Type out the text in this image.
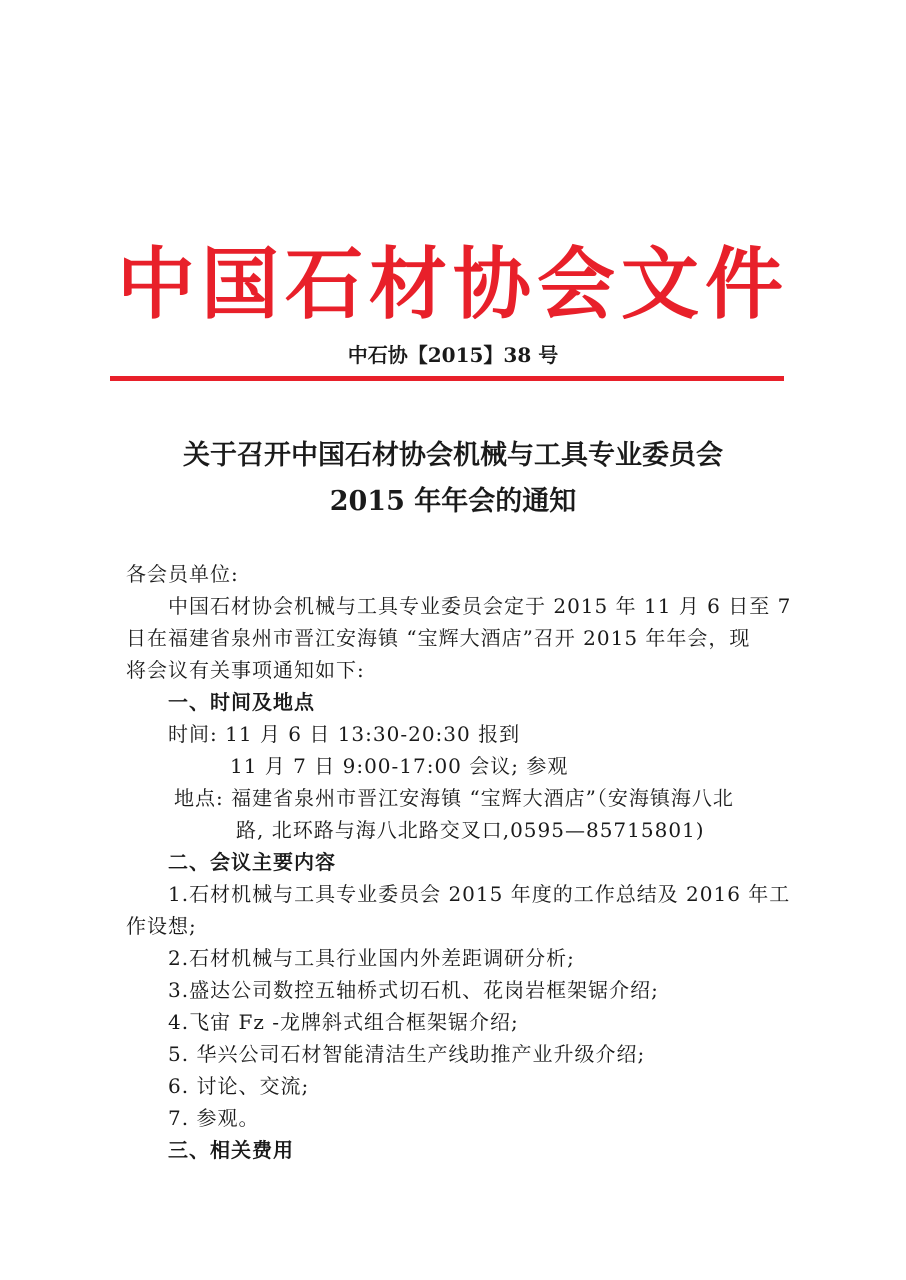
中国石材协会文件
中石协【2015】38 号
关于召开中国石材协会机械与工具专业委员会
2015 年年会的通知
各会员单位:
中国石材协会机械与工具专业委员会定于 2015 年 11 月 6 日至 7
日在福建省泉州市晋江安海镇 “宝辉大酒店”召开 2015 年年会，现
将会议有关事项通知如下:
一、时间及地点
时间: 11 月 6 日 13:30-20:30 报到
11 月 7 日 9:00-17:00 会议; 参观
地点: 福建省泉州市晋江安海镇 “宝辉大酒店”（安海镇海八北
路, 北环路与海八北路交叉口,0595—85715801)
二、会议主要内容
1.石材机械与工具专业委员会 2015 年度的工作总结及 2016 年工
作设想;
2.石材机械与工具行业国内外差距调研分析;
3.盛达公司数控五轴桥式切石机、花岗岩框架锯介绍;
4.飞宙 Fz -龙牌斜式组合框架锯介绍;
5. 华兴公司石材智能清洁生产线助推产业升级介绍;
6. 讨论、交流;
7. 参观。
三、相关费用
